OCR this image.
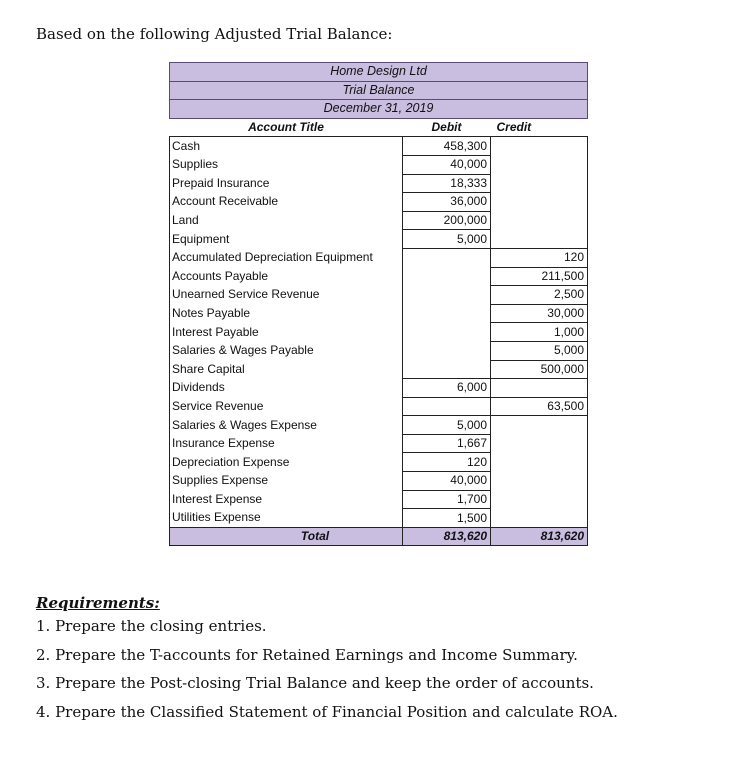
Based on the following Adjusted Trial Balance:
Home Design Ltd		
Trial Balance		
December 31, 2019		
Account Title	Debit	Credit
Cash	458,300	
Supplies	40,000	
Prepaid Insurance	18,333	
Account Receivable	36,000	
Land	200,000	
Equipment	5,000	
Accumulated Depreciation Equipment		120
Accounts Payable		211,500
Unearned Service Revenue		2,500
Notes Payable		30,000
Interest Payable		1,000
Salaries & Wages Payable		5,000
Share Capital		500,000
Dividends	6,000	
Service Revenue		63,500
Salaries & Wages Expense	5,000	
Insurance Expense	1,667	
Depreciation Expense	120	
Supplies Expense	40,000	
Interest Expense	1,700	
Utilities Expense	1,500	
Total	813,620	813,620
Requirements:
1. Prepare the closing entries.
2. Prepare the T-accounts for Retained Earnings and Income Summary.
3. Prepare the Post-closing Trial Balance and keep the order of accounts.
4. Prepare the Classified Statement of Financial Position and calculate ROA.
